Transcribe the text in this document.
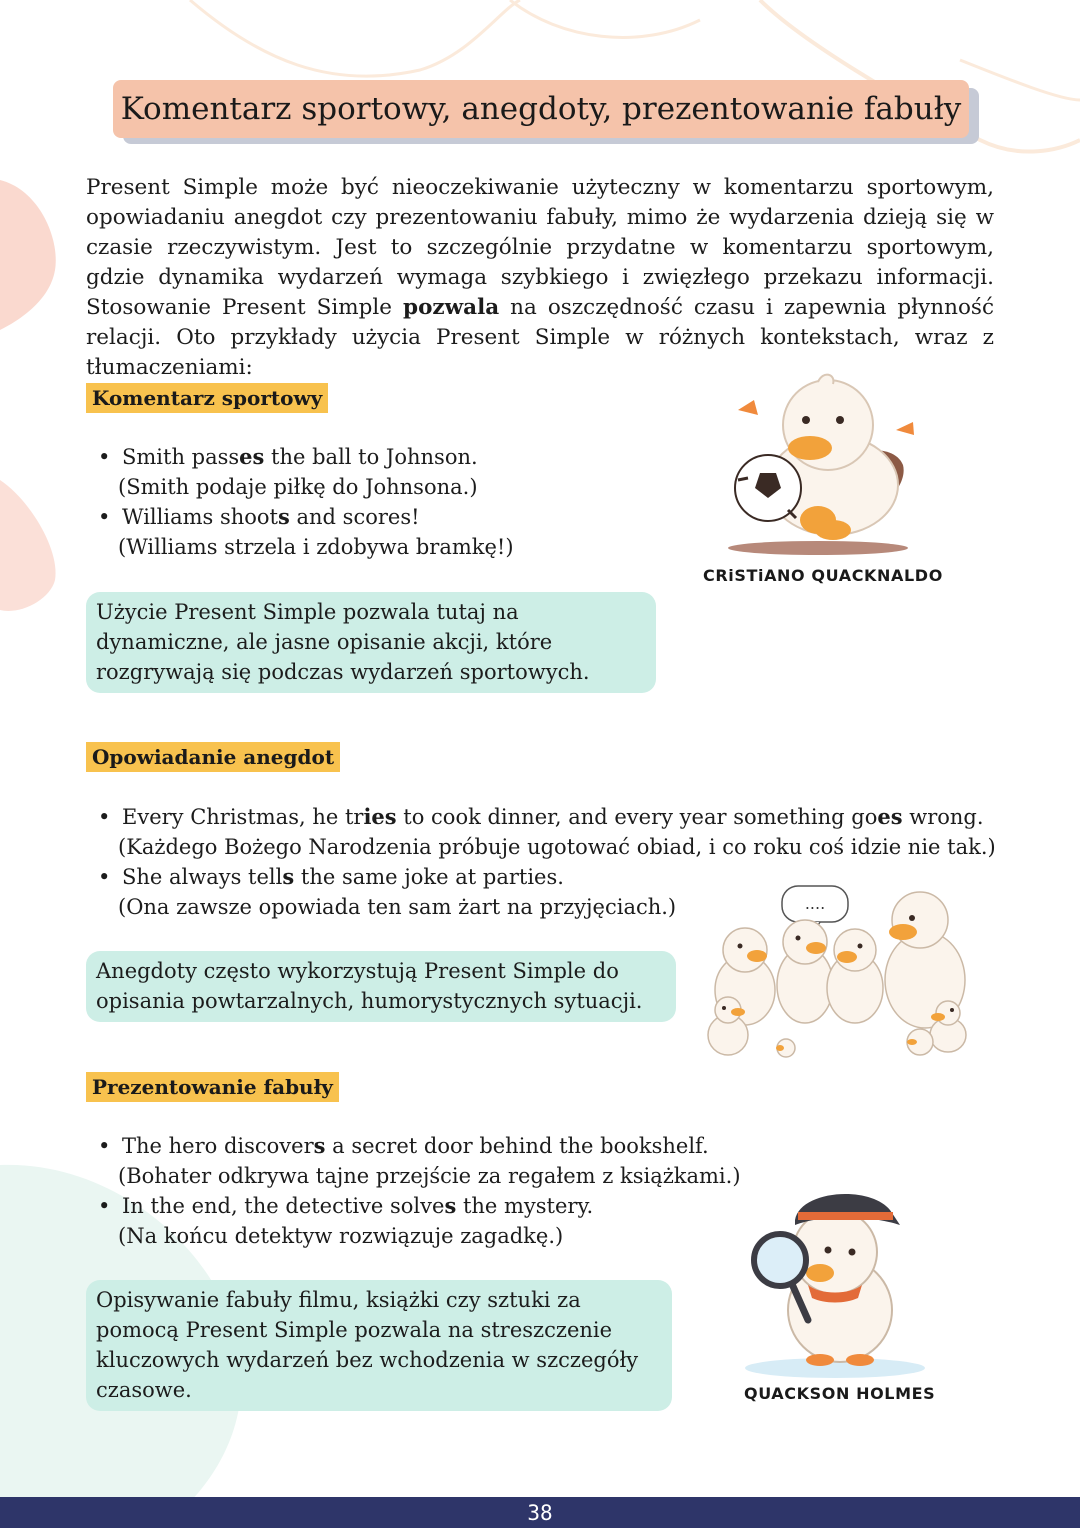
Komentarz sportowy, anegdoty, prezentowanie fabuły

Present Simple może być nieoczekiwanie użyteczny w komentarzu sportowym, opowiadaniu anegdot czy prezentowaniu fabuły, mimo że wydarzenia dzieją się w czasie rzeczywistym. Jest to szczególnie przydatne w komentarzu sportowym, gdzie dynamika wydarzeń wymaga szybkiego i zwięzłego przekazu informacji. Stosowanie Present Simple pozwala na oszczędność czasu i zapewnia płynność relacji. Oto przykłady użycia Present Simple w różnych kontekstach, wraz z tłumaczeniami:

Komentarz sportowy
• Smith passes the ball to Johnson.
(Smith podaje piłkę do Johnsona.)
• Williams shoots and scores!
(Williams strzela i zdobywa bramkę!)
Użycie Present Simple pozwala tutaj na dynamiczne, ale jasne opisanie akcji, które rozgrywają się podczas wydarzeń sportowych.
CRiSTiANO QUACKNALDO
Opowiadanie anegdot
• Every Christmas, he tries to cook dinner, and every year something goes wrong.
(Każdego Bożego Narodzenia próbuje ugotować obiad, i co roku coś idzie nie tak.)
• She always tells the same joke at parties.
(Ona zawsze opowiada ten sam żart na przyjęciach.)
Anegdoty często wykorzystują Present Simple do opisania powtarzalnych, humorystycznych sytuacji.
....
Prezentowanie fabuły
• The hero discovers a secret door behind the bookshelf.
(Bohater odkrywa tajne przejście za regałem z książkami.)
• In the end, the detective solves the mystery.
(Na końcu detektyw rozwiązuje zagadkę.)
Opisywanie fabuły filmu, książki czy sztuki za pomocą Present Simple pozwala na streszczenie kluczowych wydarzeń bez wchodzenia w szczegóły czasowe.	QUACKSON HOLMES
38
